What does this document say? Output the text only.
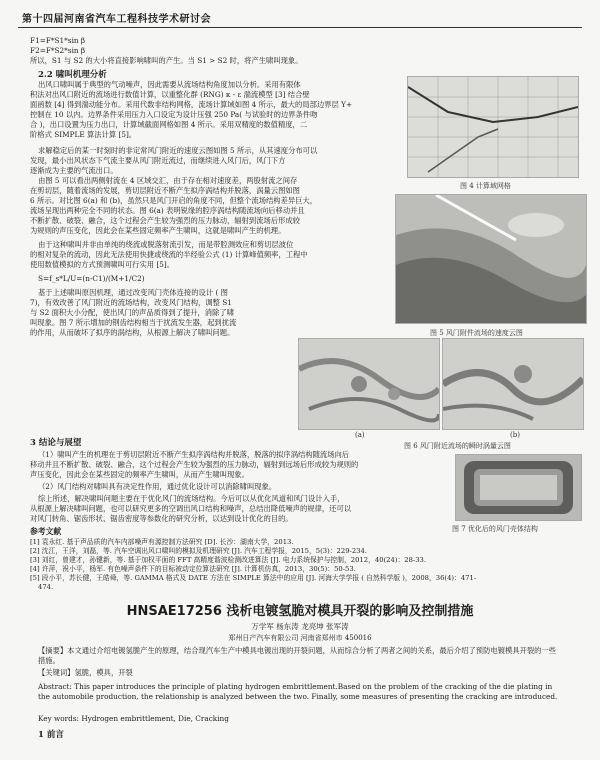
第十四届河南省汽车工程科技学术研讨会
F1=F*S1*sin β
F2=F*S2*sin β
所以，S1 与 S2 的大小将直接影响啸叫的产生。当 S1 > S2 时，将产生啸叫现象。
2.2 啸叫机理分析
出风口啸叫属于典型的气动噪声，因此需要从流场结构角度加以分析。采用有限体
积法对出风口附近的流场进行数值计算，以重整化群 (RNG) κ - ε 湍流模型 [3] 结合壁
面函数 [4] 得到湍动能分布。采用代数非结构网格，流场计算域如图 4 所示，最大的局部边界层 Y+
控制在 10 以内。边界条件采用压力入口设定为设计压强 250 Pa( 与试验时的边界条件吻
合 )，出口设置为压力出口，计算域截面网格如图 4 所示。采用双精度的数值精度，二
阶格式 SIMPLE 算法计算 [5]。
求解稳定后的某一时刻时的非定常风门附近的速度云图如图 5 所示，从其速度分布可以
发现，最小出风状态下气流主要从风门附近流过，而继续进入风门后，风门下方
逐渐成为主要的气流出口。
由图 5 可以看出两侧射流在 4 区域交汇，由于存在相对速度差，两股射流之间存
在剪切层，随着流场的发展，剪切层附近不断产生拟序涡结构并脱落，涡量云图如图
6 所示。对比图 6(a) 和 (b)，虽然只是风门开启的角度不同，但整个流场结构差异巨大，
流场呈现出两种完全不同的状态。图 6(a) 表明锐缘的腔序涡结构随流场向后移动并且
不断扩散、破裂、融合，这个过程会产生较为强烈的压力脉动，辐射到流场后形成较
为规则的声压变化，因此会在某些固定频率产生啸叫，这就是啸叫产生的机理。
由于这种啸叫并非由单纯的绕流或脱落射流引发，而是带腔测效应和剪切层波位
的相对复杂的流动，因此无法使用快捷或绕流的半经验公式 (1) 计算峰值频率，工程中
使用数值模拟的方式预测啸叫可行实用 [5]。
S=f_s*L/U=(n-C1)/(M+1/C2)
基于上述啸叫原因机理，通过改变风门壳体连接的设计 ( 图
7)，有效改善了风门附近的流场结构，改变风门结构，调整 S1
与 S2 面积大小分配，使出风门的声品质得到了提升，消除了啸
叫现象。图 7 所示增加的钢齿结构相当于扰流发生器，起到扰流
的作用，从而破坏了拟序的涡结构，从根源上解决了啸叫问题。
图 4 计算域网格
图 5 风门附件流场的速度云图
(a)	(b)
图 6 风门附近流场的瞬时涡量云图
3 结论与展望
（1）啸叫产生的机理在于剪切层附近不断产生拟序涡结构并脱落，脱落的拟序涡结构随流场向后
移动并且不断扩散、破裂、融合，这个过程会产生较为强烈的压力脉动，辐射到远场后形成较为规则的
声压变化，因此会在某些固定的频率产生啸叫，从而产生啸叫现象。
（2）风门结构对啸叫具有决定性作用，通过优化设计可以消除啸叫现象。
综上所述，解决啸叫问题主要在于优化风门的流场结构。今后可以从优化风道和风门设计入手，
从根源上解决啸叫问题，也可以研究更多的空调出风口结构和噪声，总结出降低噪声的规律，还可以
对风门转角、锯齿形状、锯齿密度等参数化的研究分析，以达到设计优化的目的。
图 7 优化后的风门壳体结构
参考文献
[1] 袁永红. 基于声品质的汽车内部噪声有源控制方法研究 [D]. 长沙：湖南大学，2013.
[2] 沈江，王洋，刘磊，等. 汽车空调出风口啸叫的模拟及机理研究 [J]. 汽车工程学报，2015，5(3)：229-234.
[3] 刘红，曾建才，孙键新，等. 基于加权平面的 FFT 高精度谐波检测改进算法 [J]. 电力系统保护与控制，2012，40(24)：28-33.
[4] 许萍，祝小平，杨军. 有色噪声条件下的目标被动定位算法研究 [J]. 计算机仿真，2013，30(5)：50-53.
[5] 段小平，苏长健，王皓舜，等. GAMMA 格式及 DATE 方法在 SIMPLE 算法中的应用 [J]. 河海大学学报 ( 自然科学版 )，2008，36(4)：471-
474.
HNSAE17256 浅析电镀氢脆对模具开裂的影响及控制措施
万学军 杨东涛 龙亮坤 张军涛
郑州日产汽车有限公司 河南省郑州市 450016
【摘要】本文通过介绍电镀氢脆产生的原理，结合现汽车生产中模具电镀出现的开裂问题，从而综合分析了两者之间的关系，最后介绍了预防电镀模具开裂的一些措施。
【关键词】氢脆，模具，开裂
Abstract: This paper introduces the principle of plating hydrogen embrittlement.Based on the problem of the cracking of the die plating in the automobile production, the relationship is analyzed between the two. Finally, some measures of presenting the cracking are introduced.
Key words: Hydrogen embrittlement, Die, Cracking
1 前言
